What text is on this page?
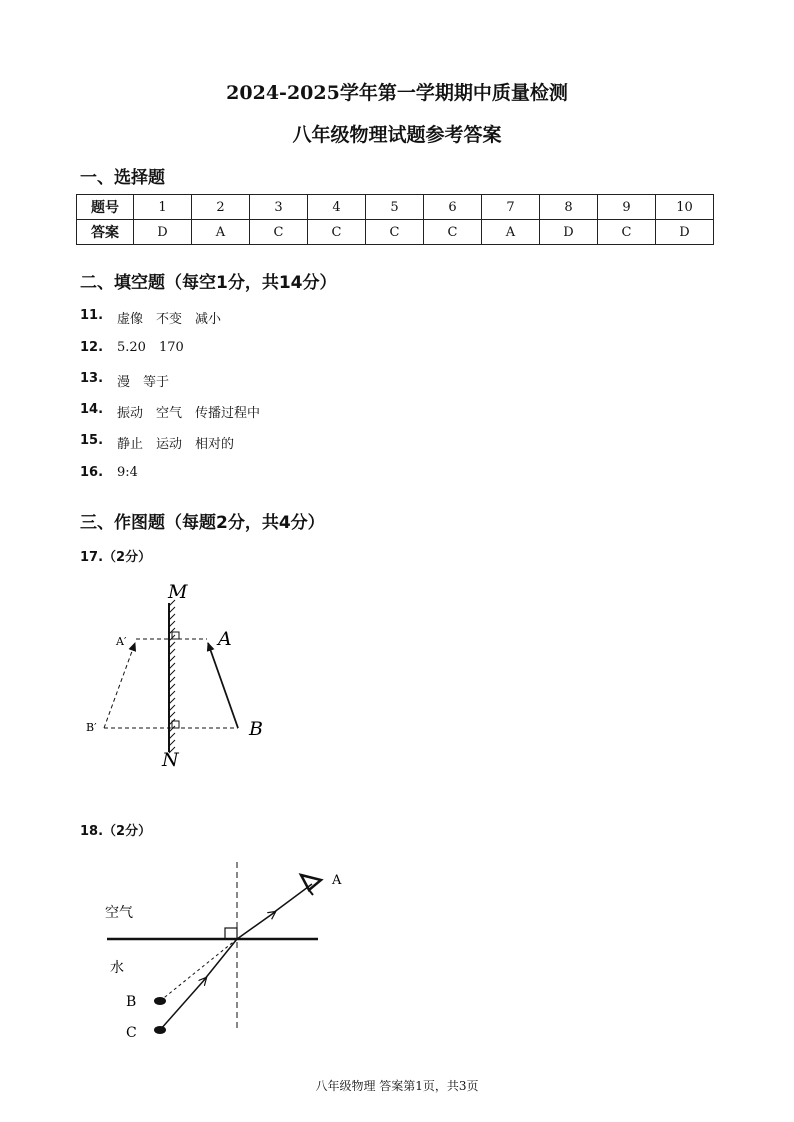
2024-2025学年第一学期期中质量检测
八年级物理试题参考答案
一、选择题
题号	1	2	3	4	5	6	7	8	9	10
答案	D	A	C	C	C	C	A	D	C	D
二、填空题（每空1分，共14分）
11.	虚像 不变 减小
12.	5.20 170
13.	漫 等于
14.	振动 空气 传播过程中
15.	静止 运动 相对的
16.	9:4
三、作图题（每题2分，共4分）
17.（2分）
M
N
A
B
A′
B′
18.（2分）
空气
水
A
B
C
八年级物理 答案第1页，共3页
